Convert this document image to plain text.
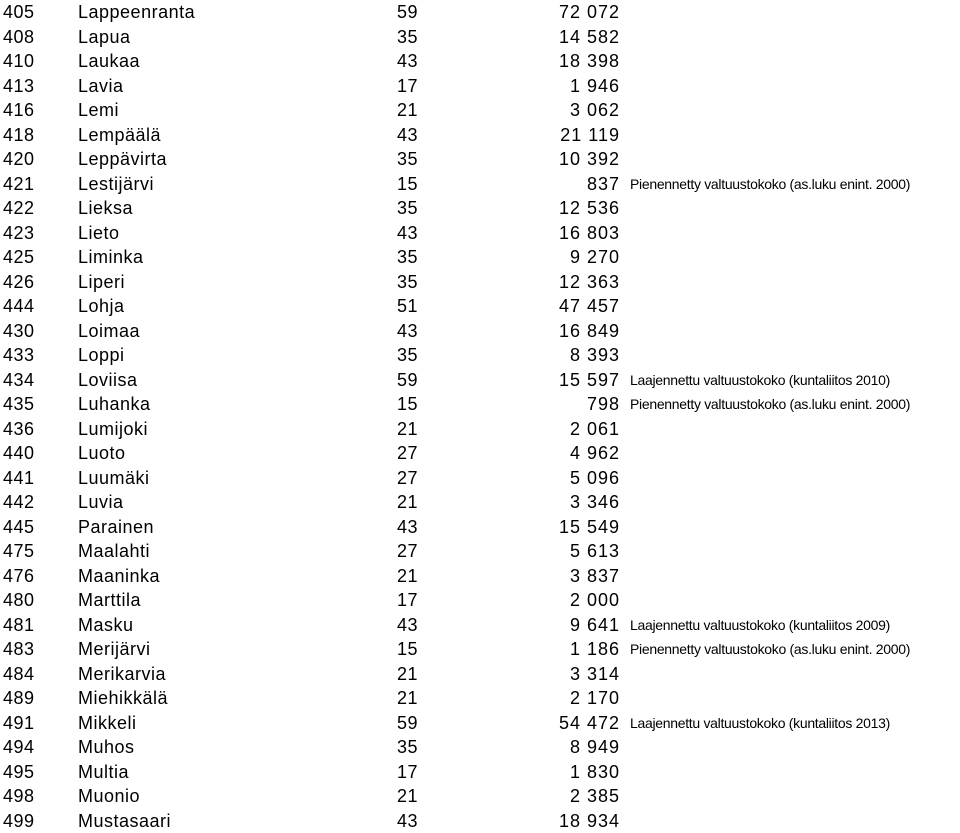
405 Lappeenranta	59	72 072
408 Lapua	35	14 582
410 Laukaa	43	18 398
413 Lavia	17	1 946
416 Lemi	21	3 062
418 Lempäälä	43	21 119
420 Leppävirta	35	10 392
421 Lestijärvi	15	837 Pienennetty valtuustokoko (as.luku enint. 2000)
422 Lieksa	35	12 536
423 Lieto	43	16 803
425 Liminka	35	9 270
426 Liperi	35	12 363
444 Lohja	51	47 457
430 Loimaa	43	16 849
433 Loppi	35	8 393
434 Loviisa	59	15 597 Laajennettu valtuustokoko (kuntaliitos 2010)
435 Luhanka	15	798 Pienennetty valtuustokoko (as.luku enint. 2000)
436 Lumijoki	21	2 061
440 Luoto	27	4 962
441 Luumäki	27	5 096
442 Luvia	21	3 346
445 Parainen	43	15 549
475 Maalahti	27	5 613
476 Maaninka	21	3 837
480 Marttila	17	2 000
481 Masku	43	9 641 Laajennettu valtuustokoko (kuntaliitos 2009)
483 Merijärvi	15	1 186 Pienennetty valtuustokoko (as.luku enint. 2000)
484 Merikarvia	21	3 314
489 Miehikkälä	21	2 170
491 Mikkeli	59	54 472 Laajennettu valtuustokoko (kuntaliitos 2013)
494 Muhos	35	8 949
495 Multia	17	1 830
498 Muonio	21	2 385
499 Mustasaari	43	18 934
